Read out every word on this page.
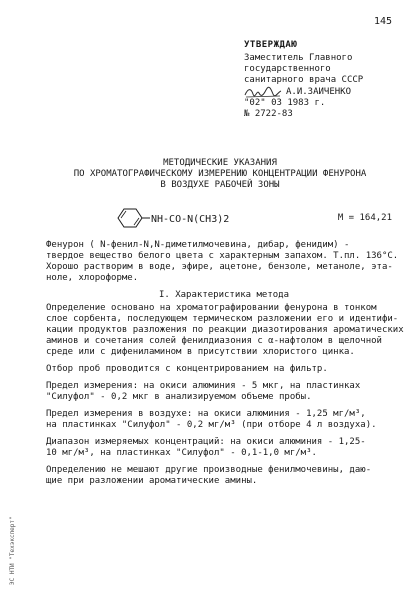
145
УТВЕРЖДАЮ
Заместитель Главного
государственного
санитарного врача СССР
А.И.ЗАИЧЕНКО
"02" 03 1983 г.
№ 2722-83
МЕТОДИЧЕСКИЕ УКАЗАНИЯ
ПО ХРОМАТОГРАФИЧЕСКОМУ ИЗМЕРЕНИЮ КОНЦЕНТРАЦИИ ФЕНУРОНА
В ВОЗДУХЕ РАБОЧЕЙ ЗОНЫ
NH-CO-N(CH3)2	M = 164,21

Фенурон ( N-фенил-N,N-диметилмочевина, дибар, фенидим) -

твердое вещество белого цвета с характерным запахом. Т.пл. 136°С.

Хорошо растворим в воде, эфире, ацетоне, бензоле, метаноле, эта-

ноле, хлороформе.

I. Характеристика метода

Определение основано на хроматографировании фенурона в тонком

слое сорбента, последующем термическом разложении его и идентифи-

кации продуктов разложения по реакции диазотирования ароматических

аминов и сочетания солей фенилдиазония с α-нафтолом в щелочной

среде или с дифениламином в присутствии хлористого цинка.

Отбор проб проводится с концентрированием на фильтр.

Предел измерения: на окиси алюминия - 5 мкг, на пластинках

"Силуфол" - 0,2 мкг в анализируемом объеме пробы.

Предел измерения в воздухе: на окиси алюминия - 1,25 мг/м³,

на пластинках "Силуфол" - 0,2 мг/м³ (при отборе 4 л воздуха).

Диапазон измеряемых концентраций: на окиси алюминия - 1,25-

10 мг/м³, на пластинках "Силуфол" - 0,1-1,0 мг/м³.

Определению не мешают другие производные фенилмочевины, даю-

щие при разложении ароматические амины.

ЭС НТИ "Техэксперт"
